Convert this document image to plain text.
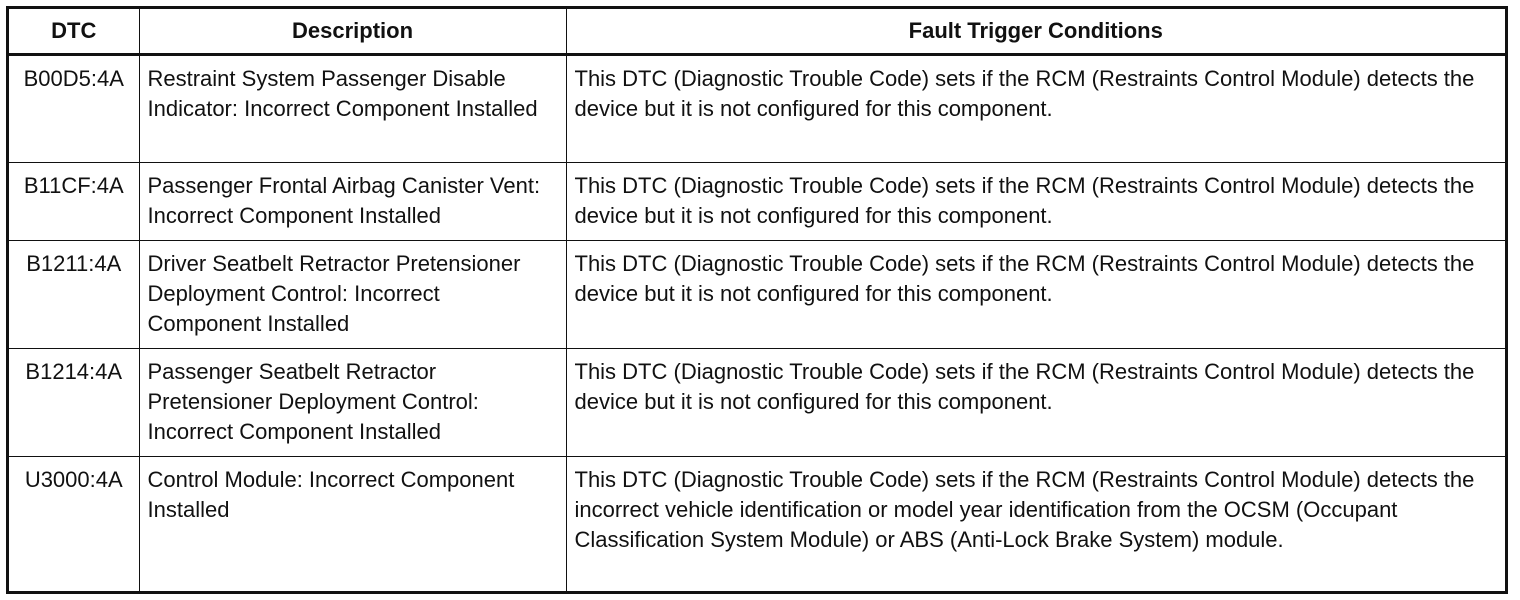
DTC	Description	Fault Trigger Conditions
B00D5:4A	Restraint System Passenger Disable Indicator: Incorrect Component Installed	This DTC (Diagnostic Trouble Code) sets if the RCM (Restraints Control Module) detects the device but it is not configured for this component.
B11CF:4A	Passenger Frontal Airbag Canister Vent: Incorrect Component Installed	This DTC (Diagnostic Trouble Code) sets if the RCM (Restraints Control Module) detects the device but it is not configured for this component.
B1211:4A	Driver Seatbelt Retractor Pretensioner Deployment Control: Incorrect Component Installed	This DTC (Diagnostic Trouble Code) sets if the RCM (Restraints Control Module) detects the device but it is not configured for this component.
B1214:4A	Passenger Seatbelt Retractor Pretensioner Deployment Control: Incorrect Component Installed	This DTC (Diagnostic Trouble Code) sets if the RCM (Restraints Control Module) detects the device but it is not configured for this component.
U3000:4A	Control Module: Incorrect Component Installed	This DTC (Diagnostic Trouble Code) sets if the RCM (Restraints Control Module) detects the incorrect vehicle identification or model year identification from the OCSM (Occupant Classification System Module) or ABS (Anti-Lock Brake System) module.
